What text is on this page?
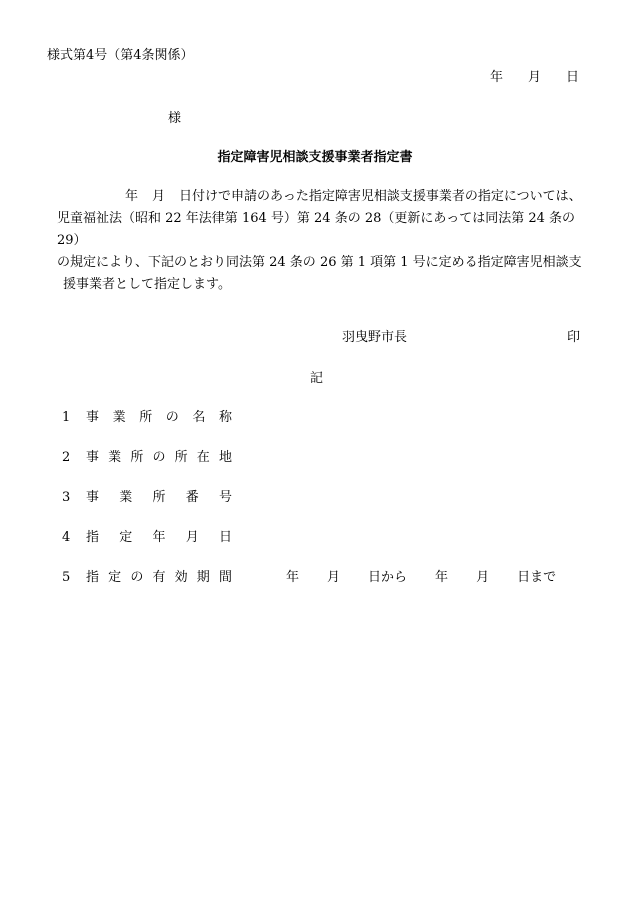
様式第4号（第4条関係）
年 月 日
様
指定障害児相談支援事業者指定書
年 月 日付けで申請のあった指定障害児相談支援事業者の指定については、
児童福祉法（昭和 22 年法律第 164 号）第 24 条の 28（更新にあっては同法第 24 条の 29）
の規定により、下記のとおり同法第 24 条の 26 第 1 項第 1 号に定める指定障害児相談支
援事業者として指定します。
羽曳野市長	印
記
1 事 業 所 の 名 称
2 事 業 所 の 所 在 地
3 事 業 所 番 号
4 指 定 年 月 日
5 指 定 の 有 効 期 間	年 月 日から 年 月 日まで
